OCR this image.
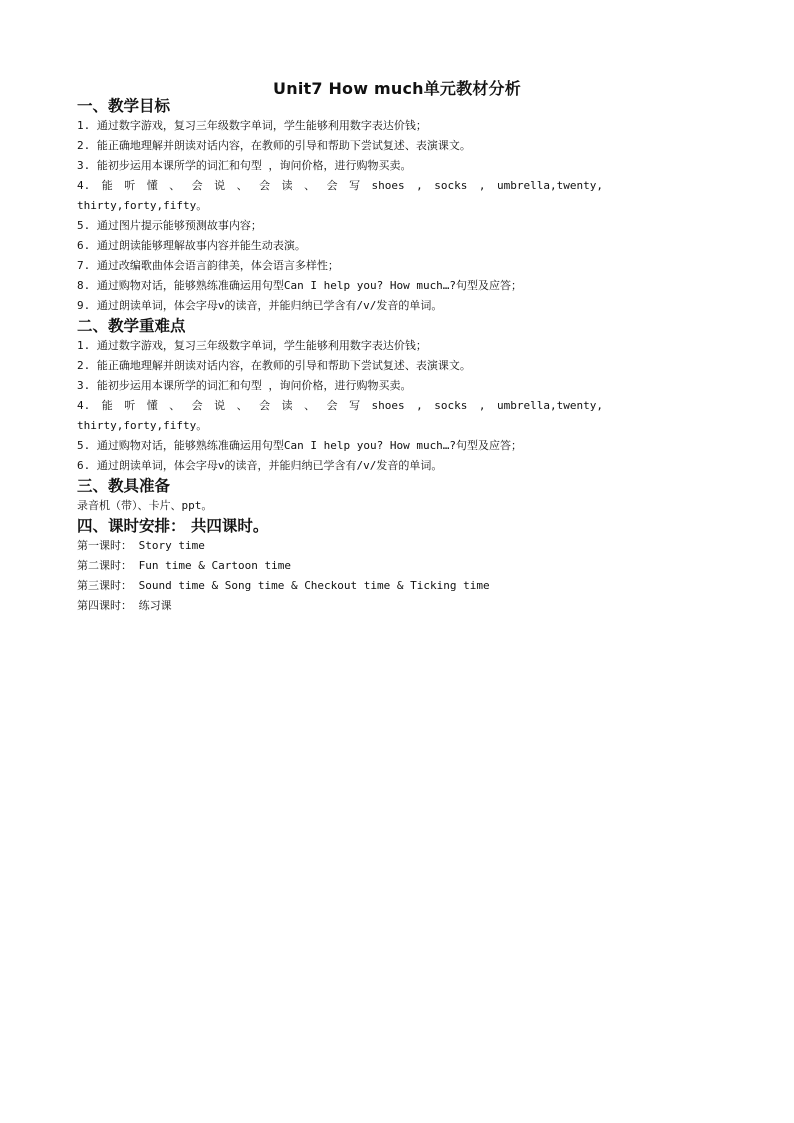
Unit7 How much单元教材分析
一、教学目标
1. 通过数字游戏，复习三年级数字单词，学生能够利用数字表达价钱；
2. 能正确地理解并朗读对话内容，在教师的引导和帮助下尝试复述、表演课文。
3. 能初步运用本课所学的词汇和句型 ，询问价格，进行购物买卖。
4. 能 听 懂 、 会 说 、 会 读 、 会 写 shoes , socks , umbrella,twenty,
thirty,forty,fifty。
5. 通过图片提示能够预测故事内容；
6. 通过朗读能够理解故事内容并能生动表演。
7. 通过改编歌曲体会语言韵律美，体会语言多样性；
8. 通过购物对话，能够熟练准确运用句型Can I help you? How much…?句型及应答；
9. 通过朗读单词，体会字母v的读音，并能归纳已学含有/v/发音的单词。
二、教学重难点
1. 通过数字游戏，复习三年级数字单词，学生能够利用数字表达价钱；
2. 能正确地理解并朗读对话内容，在教师的引导和帮助下尝试复述、表演课文。
3. 能初步运用本课所学的词汇和句型 ，询问价格，进行购物买卖。
4. 能 听 懂 、 会 说 、 会 读 、 会 写 shoes , socks , umbrella,twenty,
thirty,forty,fifty。
5. 通过购物对话，能够熟练准确运用句型Can I help you? How much…?句型及应答；
6. 通过朗读单词，体会字母v的读音，并能归纳已学含有/v/发音的单词。
三、教具准备
录音机（带）、卡片、ppt。
四、课时安排： 共四课时。
第一课时： Story time
第二课时： Fun time & Cartoon time
第三课时： Sound time & Song time & Checkout time & Ticking time
第四课时： 练习课
